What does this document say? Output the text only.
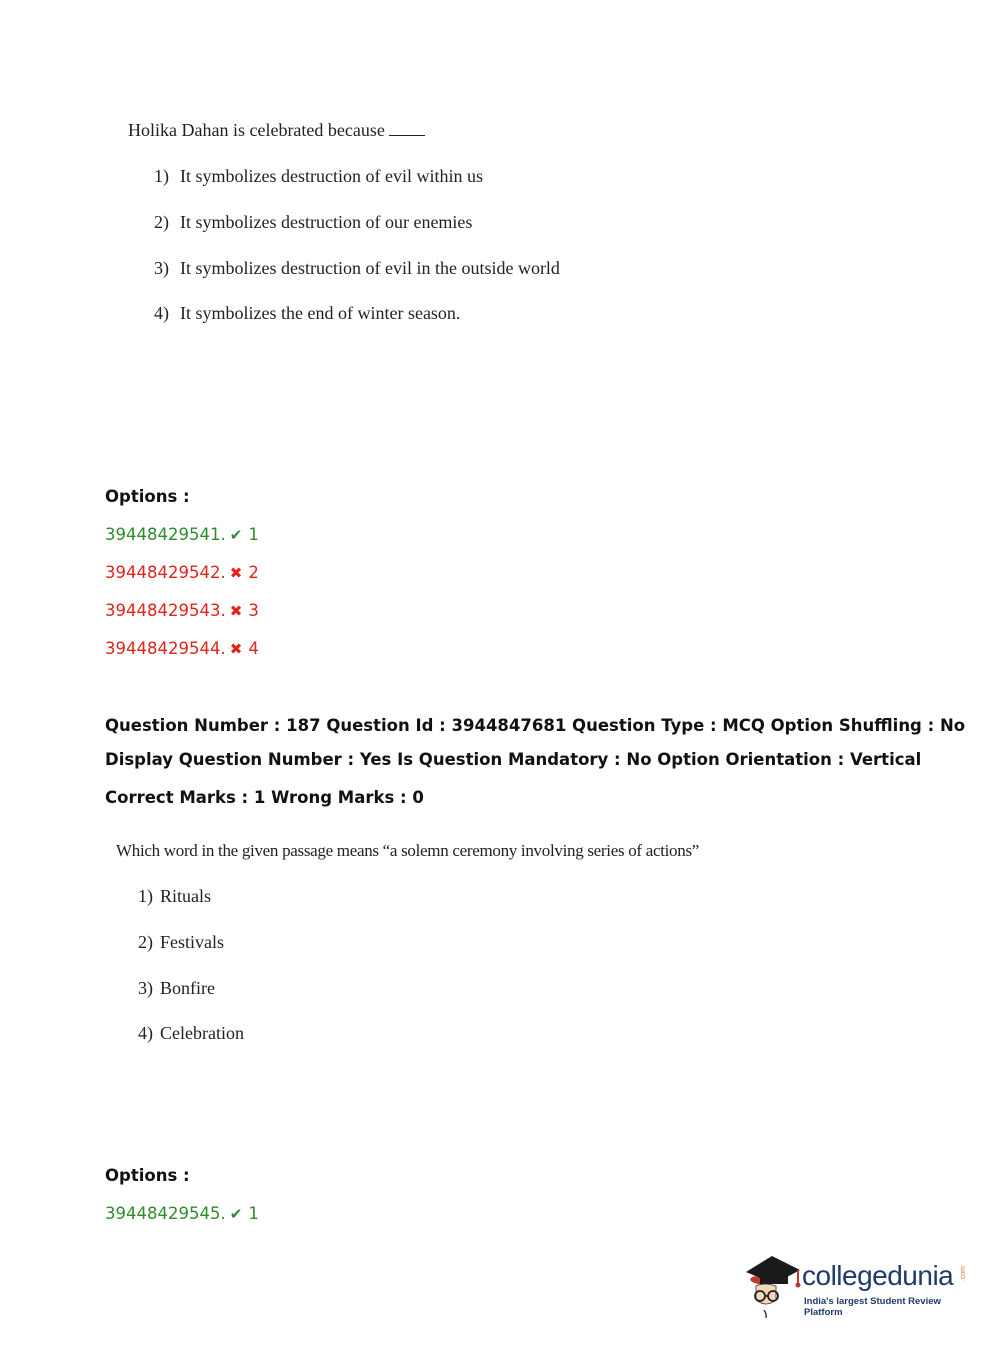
Holika Dahan is celebrated because
1) It symbolizes destruction of evil within us
2) It symbolizes destruction of our enemies
3) It symbolizes destruction of evil in the outside world
4) It symbolizes the end of winter season.
Options :
39448429541. ✔ 1
39448429542. ✖ 2
39448429543. ✖ 3
39448429544. ✖ 4
Question Number : 187 Question Id : 3944847681 Question Type : MCQ Option Shuffling : No
Display Question Number : Yes Is Question Mandatory : No Option Orientation : Vertical
Correct Marks : 1 Wrong Marks : 0
Which word in the given passage means “a solemn ceremony involving series of actions”
1) Rituals
2) Festivals
3) Bonfire
4) Celebration
Options :
39448429545. ✔ 1
collegedunia .com
India's largest Student Review Platform
